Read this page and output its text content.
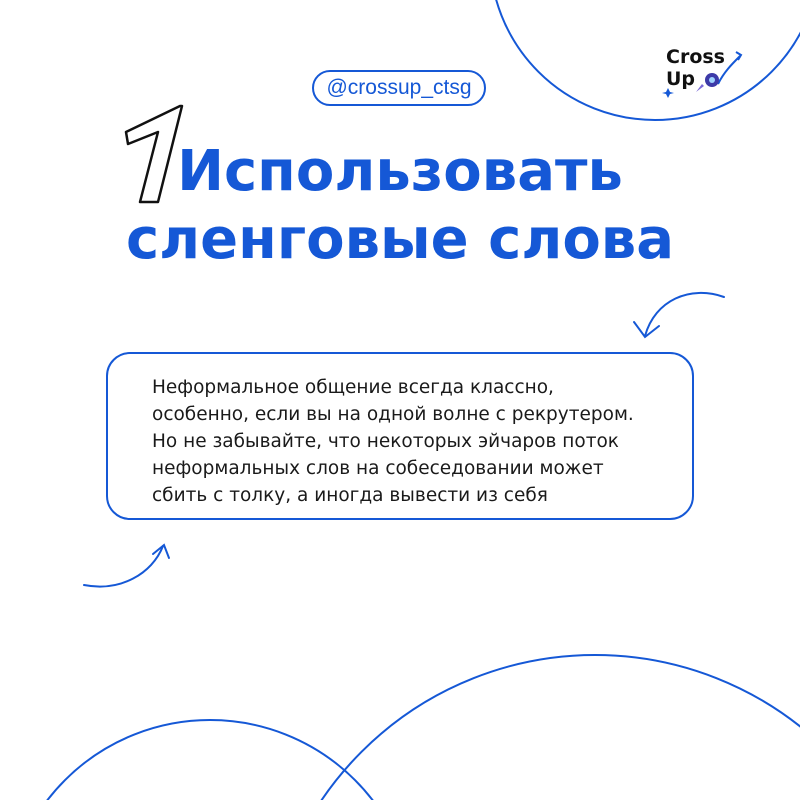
@crossup_ctsg
Cross
Up
1
Использовать
сленговые слова

Неформальное общение всегда классно,
особенно, если вы на одной волне с рекрутером.
Но не забывайте, что некоторых эйчаров поток
неформальных слов на собеседовании может
сбить с толку, а иногда вывести из себя
